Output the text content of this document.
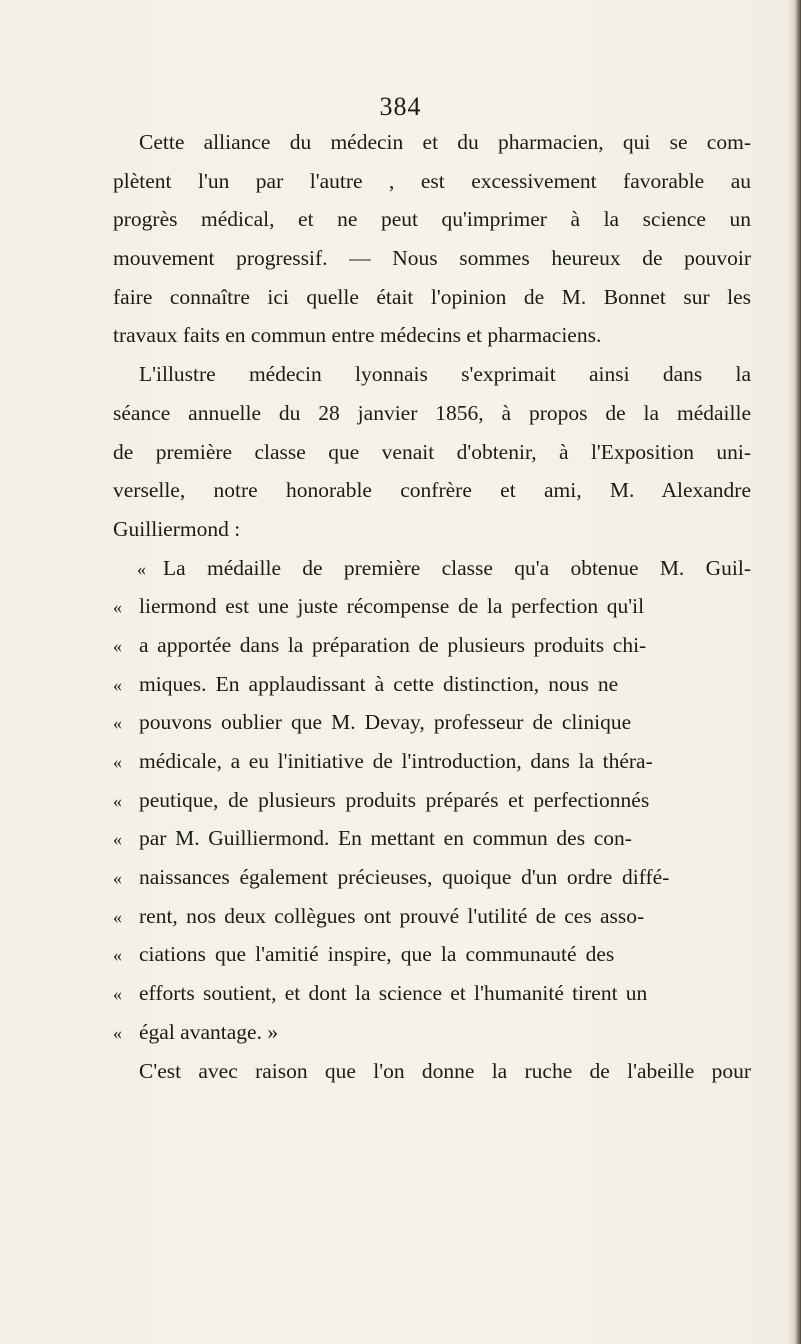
384
Cette alliance du médecin et du pharmacien, qui se com-
plètent l'un par l'autre , est excessivement favorable au
progrès médical, et ne peut qu'imprimer à la science un
mouvement progressif. — Nous sommes heureux de pouvoir
faire connaître ici quelle était l'opinion de M. Bonnet sur les
travaux faits en commun entre médecins et pharmaciens.
L'illustre médecin lyonnais s'exprimait ainsi dans la
séance annuelle du 28 janvier 1856, à propos de la médaille
de première classe que venait d'obtenir, à l'Exposition uni-
verselle, notre honorable confrère et ami, M. Alexandre
Guilliermond :
« La médaille de première classe qu'a obtenue M. Guil-
« liermond est une juste récompense de la perfection qu'il
« a apportée dans la préparation de plusieurs produits chi-
« miques. En applaudissant à cette distinction, nous ne
« pouvons oublier que M. Devay, professeur de clinique
« médicale, a eu l'initiative de l'introduction, dans la théra-
« peutique, de plusieurs produits préparés et perfectionnés
« par M. Guilliermond. En mettant en commun des con-
« naissances également précieuses, quoique d'un ordre diffé-
« rent, nos deux collègues ont prouvé l'utilité de ces asso-
« ciations que l'amitié inspire, que la communauté des
« efforts soutient, et dont la science et l'humanité tirent un
« égal avantage. »
C'est avec raison que l'on donne la ruche de l'abeille pour
